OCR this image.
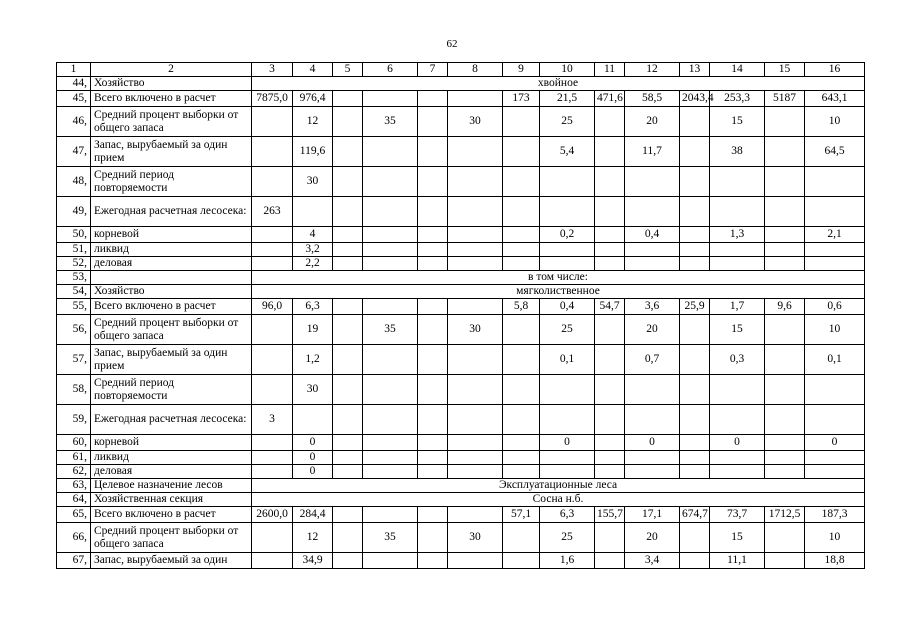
62
1	2	3	4	5	6	7	8	9	10	11	12	13	14	15	16
44,	Хозяйство	хвойное													
45,	Всего включено в расчет	7875,0	976,4					173	21,5	471,6	58,5	2043,4	253,3	5187	643,1
46,	Средний процент выборки от общего запаса		12		35		30		25		20		15		10
47,	Запас, вырубаемый за один прием		119,6						5,4		11,7		38		64,5
48,	Средний период повторяемости		30												
49,	Ежегодная расчетная лесосека:	263													
50,	корневой		4						0,2		0,4		1,3		2,1
51,	ликвид		3,2												
52,	деловая		2,2												
53,		в том числе:													
54,	Хозяйство	мягколиственное													
55,	Всего включено в расчет	96,0	6,3					5,8	0,4	54,7	3,6	25,9	1,7	9,6	0,6
56,	Средний процент выборки от общего запаса		19		35		30		25		20		15		10
57,	Запас, вырубаемый за один прием		1,2						0,1		0,7		0,3		0,1
58,	Средний период повторяемости		30												
59,	Ежегодная расчетная лесосека:	3													
60,	корневой		0						0		0		0		0
61,	ликвид		0												
62,	деловая		0												
63,	Целевое назначение лесов	Эксплуатационные леса													
64,	Хозяйственная секция	Сосна н.б.													
65,	Всего включено в расчет	2600,0	284,4					57,1	6,3	155,7	17,1	674,7	73,7	1712,5	187,3
66,	Средний процент выборки от общего запаса		12		35		30		25		20		15		10
67,	Запас, вырубаемый за один		34,9						1,6		3,4		11,1		18,8
